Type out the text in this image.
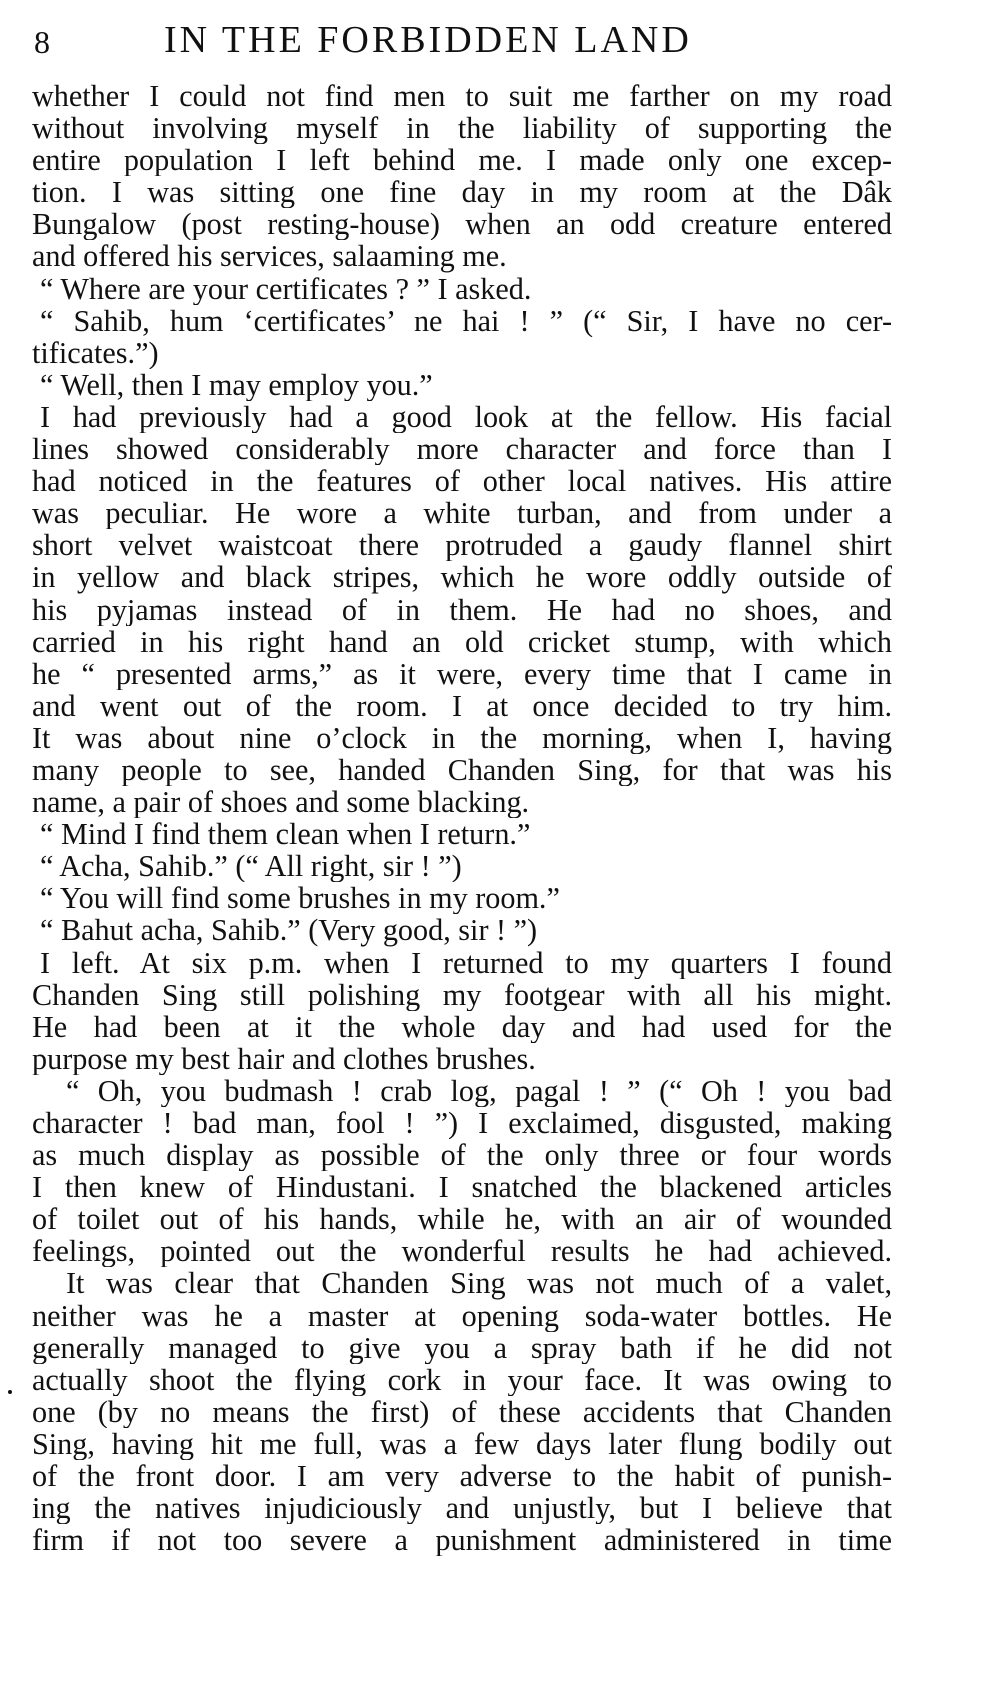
8	IN THE FORBIDDEN LAND
whether I could not find men to suit me farther on my road
without involving myself in the liability of supporting the
entire population I left behind me. I made only one excep-
tion. I was sitting one fine day in my room at the Dâk
Bungalow (post resting-house) when an odd creature entered
and offered his services, salaaming me.
“ Where are your certificates ? ” I asked.
“ Sahib, hum ‘certificates’ ne hai ! ” (“ Sir, I have no cer-
tificates.”)
“ Well, then I may employ you.”
I had previously had a good look at the fellow. His facial
lines showed considerably more character and force than I
had noticed in the features of other local natives. His attire
was peculiar. He wore a white turban, and from under a
short velvet waistcoat there protruded a gaudy flannel shirt
in yellow and black stripes, which he wore oddly outside of
his pyjamas instead of in them. He had no shoes, and
carried in his right hand an old cricket stump, with which
he “ presented arms,” as it were, every time that I came in
and went out of the room. I at once decided to try him.
It was about nine o’clock in the morning, when I, having
many people to see, handed Chanden Sing, for that was his
name, a pair of shoes and some blacking.
“ Mind I find them clean when I return.”
“ Acha, Sahib.” (“ All right, sir ! ”)
“ You will find some brushes in my room.”
“ Bahut acha, Sahib.” (Very good, sir ! ”)
I left. At six p.m. when I returned to my quarters I found
Chanden Sing still polishing my footgear with all his might.
He had been at it the whole day and had used for the
purpose my best hair and clothes brushes.
“ Oh, you budmash ! crab log, pagal ! ” (“ Oh ! you bad
character ! bad man, fool ! ”) I exclaimed, disgusted, making
as much display as possible of the only three or four words
I then knew of Hindustani. I snatched the blackened articles
of toilet out of his hands, while he, with an air of wounded
feelings, pointed out the wonderful results he had achieved.
It was clear that Chanden Sing was not much of a valet,
neither was he a master at opening soda-water bottles. He
generally managed to give you a spray bath if he did not
actually shoot the flying cork in your face. It was owing to
one (by no means the first) of these accidents that Chanden
Sing, having hit me full, was a few days later flung bodily out
of the front door. I am very adverse to the habit of punish-
ing the natives injudiciously and unjustly, but I believe that
firm if not too severe a punishment administered in time
